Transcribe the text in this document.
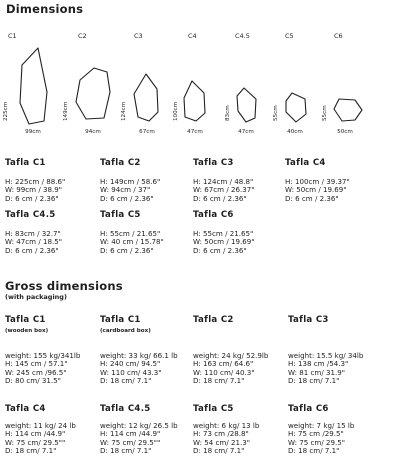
Dimensions
C1	C2	C3	C4	C4.5	C5	C6
225cm	149cm	124cm	100cm	83cm	55cm	55cm
99cm	94cm	67cm	47cm	47cm	40cm	50cm
Tafla C1
H: 225cm / 88.6"
W: 99cm / 38.9"
D: 6 cm / 2.36"
Tafla C2
H: 149cm / 58.6"
W: 94cm / 37"
D: 6 cm / 2.36"
Tafla C3
H: 124cm / 48.8"
W: 67cm / 26.37"
D: 6 cm / 2.36"
Tafla C4
H: 100cm / 39.37"
W: 50cm / 19.69"
D: 6 cm / 2.36"
Tafla C4.5
H: 83cm / 32.7"
W: 47cm / 18.5"
D: 6 cm / 2.36"
Tafla C5
H: 55cm / 21.65"
W: 40 cm / 15.78"
D: 6 cm / 2.36"
Tafla C6
H: 55cm / 21.65"
W: 50cm / 19.69"
D: 6 cm / 2.36"
Gross dimensions
(with packaging)
Tafla C1
(wooden box)
weight: 155 kg/341lb
H: 145 cm / 57.1"
W: 245 cm /96.5"
D: 80 cm/ 31.5"
Tafla C1
(cardboard box)
weight: 33 kg/ 66.1 lb
H: 240 cm/ 94.5"
W: 110 cm/ 43.3"
D: 18 cm/ 7.1"
Tafla C2
weight: 24 kg/ 52.9lb
H: 163 cm/ 64.6"
W: 110 cm/ 40.3"
D: 18 cm/ 7.1"
Tafla C3
weight: 15.5 kg/ 34lb
H: 138 cm /54.3"
W: 81 cm/ 31.9"
D: 18 cm/ 7.1"
Tafla C4
weight: 11 kg/ 24 lb
H: 114 cm /44.9"
W: 75 cm/ 29.5""
D: 18 cm/ 7.1"
Tafla C4.5
weight: 12 kg/ 26.5 lb
H: 114 cm /44.9"
W: 75 cm/ 29.5""
D: 18 cm/ 7.1"
Tafla C5
weight: 6 kg/ 13 lb
H: 73 cm /28.8"
W: 54 cm/ 21.3"
D: 18 cm/ 7.1"
Tafla C6
weight: 7 kg/ 15 lb
H: 75 cm /29.5"
W: 75 cm/ 29.5"
D: 18 cm/ 7.1"
